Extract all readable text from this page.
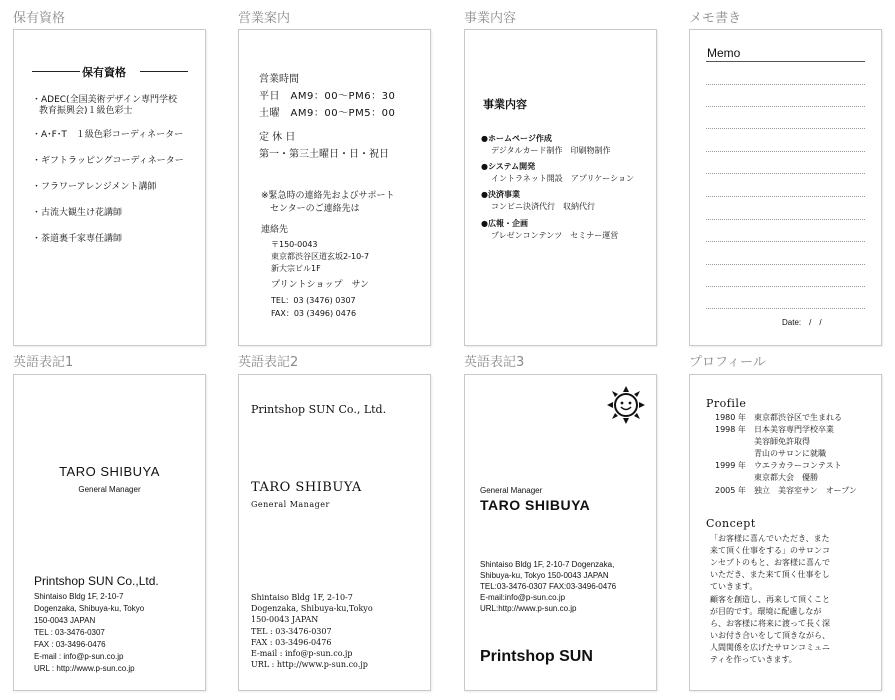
保有資格	営業案内	事業内容	メモ書き
英語表記1	英語表記2	英語表記3	プロフィール
保有資格
・ADEC(全国美術デザイン専門学校
教育振興会)１級色彩士
・A･F･T　１級色彩コーディネーター
・ギフトラッピングコーディネーター
・フラワーアレンジメント講師
・古流大観生け花講師
・茶道裏千家専任講師
営業時間
平日　AM9：00～PM6：30
土曜　AM9：00～PM5：00
定 休 日
第一・第三土曜日・日・祝日
※緊急時の連絡先およびサポート
　センターのご連絡先は
連絡先
〒150-0043
東京都渋谷区道玄坂2-10-7
新大宗ビル1F
プリントショップ　サン
TEL：03 (3476) 0307
FAX：03 (3496) 0476
事業内容
●ホームページ作成
デジタルカード制作　印刷物制作
●システム開発
イントラネット開設　アプリケーション
●決済事業
コンビニ決済代行　収納代行
●広報・企画
プレゼンコンテンツ　セミナー運営
Memo
Date:　/　/
TARO SHIBUYA
General Manager
Printshop SUN Co.,Ltd.
Shintaiso Bldg 1F, 2-10-7
Dogenzaka, Shibuya-ku, Tokyo
150-0043 JAPAN
TEL : 03-3476-0307
FAX : 03-3496-0476
E-mail : info@p-sun.co.jp
URL : http://www.p-sun.co.jp
Printshop SUN Co., Ltd.
TARO SHIBUYA
General Manager
Shintaiso Bldg 1F, 2-10-7
Dogenzaka, Shibuya-ku,Tokyo
150-0043 JAPAN
TEL : 03-3476-0307
FAX : 03-3496-0476
E-mail : info@p-sun.co.jp
URL : http://www.p-sun.co.jp
General Manager
TARO SHIBUYA
Shintaiso Bldg 1F, 2-10-7 Dogenzaka,
Shibuya-ku, Tokyo 150-0043 JAPAN
TEL:03-3476-0307 FAX:03-3496-0476
E-mail:info@p-sun.co.jp
URL:http://www.p-sun.co.jp
Printshop SUN
Profile
1980 年 東京都渋谷区で生まれる
1998 年 日本美容専門学校卒業
美容師免許取得
青山のサロンに就職
1999 年 ウエラカラーコンテスト
東京都大会　優勝
2005 年 独立　美容室サン　オープン
Concept
「お客様に喜んでいただき、また
来て頂く仕事をする」のサロンコ
ンセプトのもと、お客様に喜んで
いただき、また来て頂く仕事をし
ていきます。
顧客を創造し、再来して頂くこと
が目的です。環境に配慮しなが
ら、お客様に将来に渡って長く深
いお付き合いをして頂きながら、
人間関係を広げたサロンコミュニ
ティを作っていきます。
